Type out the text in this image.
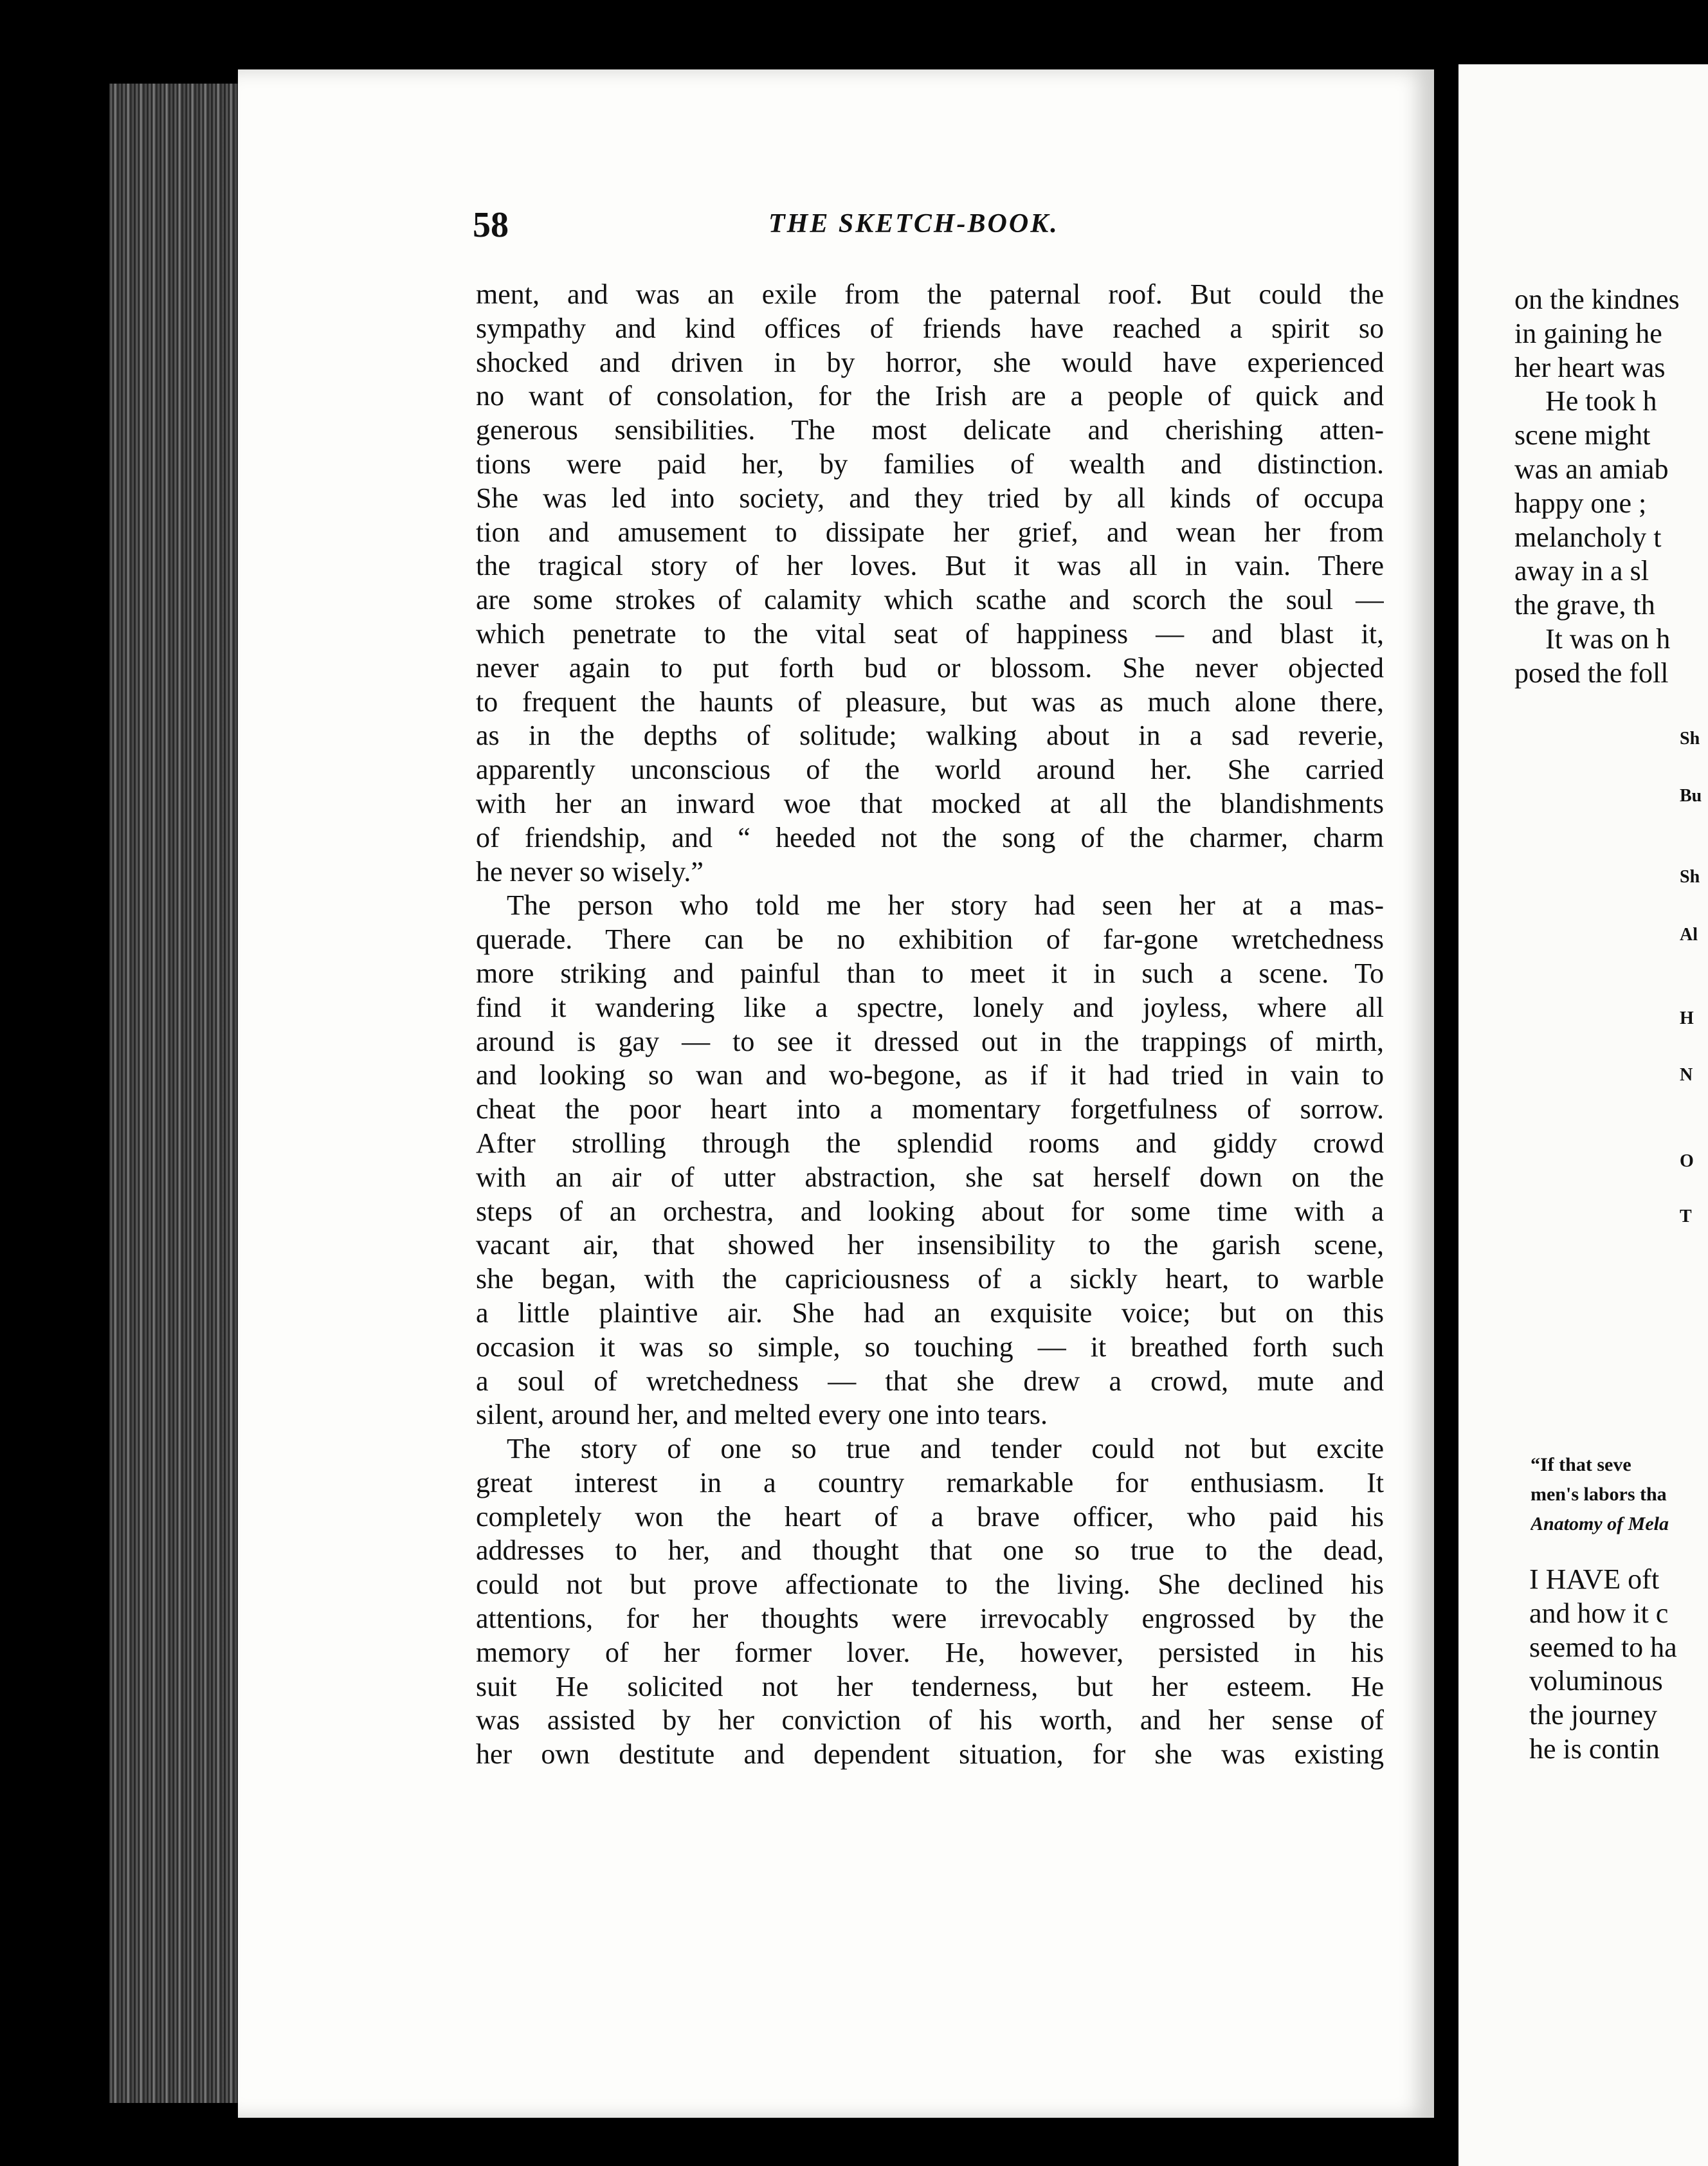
58	THE SKETCH-BOOK.
ment, and was an exile from the paternal roof. But could the
sympathy and kind offices of friends have reached a spirit so
shocked and driven in by horror, she would have experienced
no want of consolation, for the Irish are a people of quick and
generous sensibilities. The most delicate and cherishing atten-
tions were paid her, by families of wealth and distinction.
She was led into society, and they tried by all kinds of occupa
tion and amusement to dissipate her grief, and wean her from
the tragical story of her loves. But it was all in vain. There
are some strokes of calamity which scathe and scorch the soul —
which penetrate to the vital seat of happiness — and blast it,
never again to put forth bud or blossom. She never objected
to frequent the haunts of pleasure, but was as much alone there,
as in the depths of solitude; walking about in a sad reverie,
apparently unconscious of the world around her. She carried
with her an inward woe that mocked at all the blandishments
of friendship, and “ heeded not the song of the charmer, charm
he never so wisely.”
The person who told me her story had seen her at a mas-
querade. There can be no exhibition of far-gone wretchedness
more striking and painful than to meet it in such a scene. To
find it wandering like a spectre, lonely and joyless, where all
around is gay — to see it dressed out in the trappings of mirth,
and looking so wan and wo-begone, as if it had tried in vain to
cheat the poor heart into a momentary forgetfulness of sorrow.
After strolling through the splendid rooms and giddy crowd
with an air of utter abstraction, she sat herself down on the
steps of an orchestra, and looking about for some time with a
vacant air, that showed her insensibility to the garish scene,
she began, with the capriciousness of a sickly heart, to warble
a little plaintive air. She had an exquisite voice; but on this
occasion it was so simple, so touching — it breathed forth such
a soul of wretchedness — that she drew a crowd, mute and
silent, around her, and melted every one into tears.
The story of one so true and tender could not but excite
great interest in a country remarkable for enthusiasm. It
completely won the heart of a brave officer, who paid his
addresses to her, and thought that one so true to the dead,
could not but prove affectionate to the living. She declined his
attentions, for her thoughts were irrevocably engrossed by the
memory of her former lover. He, however, persisted in his
suit He solicited not her tenderness, but her esteem. He
was assisted by her conviction of his worth, and her sense of
her own destitute and dependent situation, for she was existing
on the kindnes
in gaining he
her heart was
He took h
scene might
was an amiab
happy one ;
melancholy t
away in a sl
the grave, th
It was on h
posed the foll
Sh
Bu
Sh
Al
H
N
O
T
“If that seve
men's labors tha
Anatomy of Mela
I HAVE oft
and how it c
seemed to ha
voluminous
the journey
he is contin
